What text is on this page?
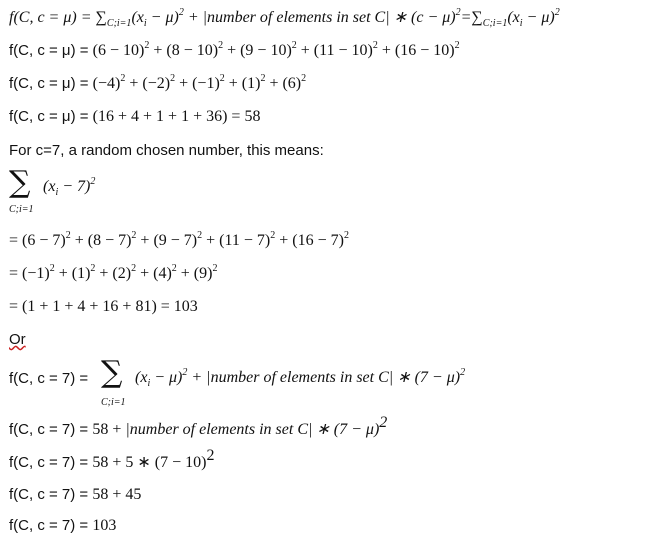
f(C, $c = \mu) = \sum_{C;i=1}(x_i - \mu)^2$ + |number of elements in set C| ∗ $(c - \mu)^2=\sum_{C;i=1}(x_i - \mu)^2$
f(C, $c = \mu) = (6 - 10)^2 + (8 - 10)^2 + (9 - 10)^2 + (11 - 10)^2 + (16 - 10)^2$
f(C, $c = \mu) = (-4)^2 + (-2)^2 + (-1)^2 + (1)^2 + (6)^2$
f(C, c = μ) = (16 + 4 + 1 + 1 + 36) = 58
For c=7, a random chosen number, this means:
∑
C;i=1
$(x_i - 7)^2$
= $(6 - 7)^2 + (8 - 7)^2 + (9 - 7)^2 + (11 - 7)^2 + (16 - 7)^2$
= $(-1)^2 + (1)^2 + (2)^2 + (4)^2 + (9)^2$
= (1 + 1 + 4 + 16 + 81) = 103
Or
f(C, c = 7) = ∑
C;i=1
$(x_i - \mu)^2$ + |number of elements in set C| ∗ $(7 - \mu)^2$
f(C, c = 7) = 58 + |number of elements in set C| ∗ $(7 - \mu)^2$
f(C, c = 7) = 58 + 5 ∗ $(7 - 10)^2$
f(C, c = 7) = 58 + 45
f(C, c = 7) = 103
